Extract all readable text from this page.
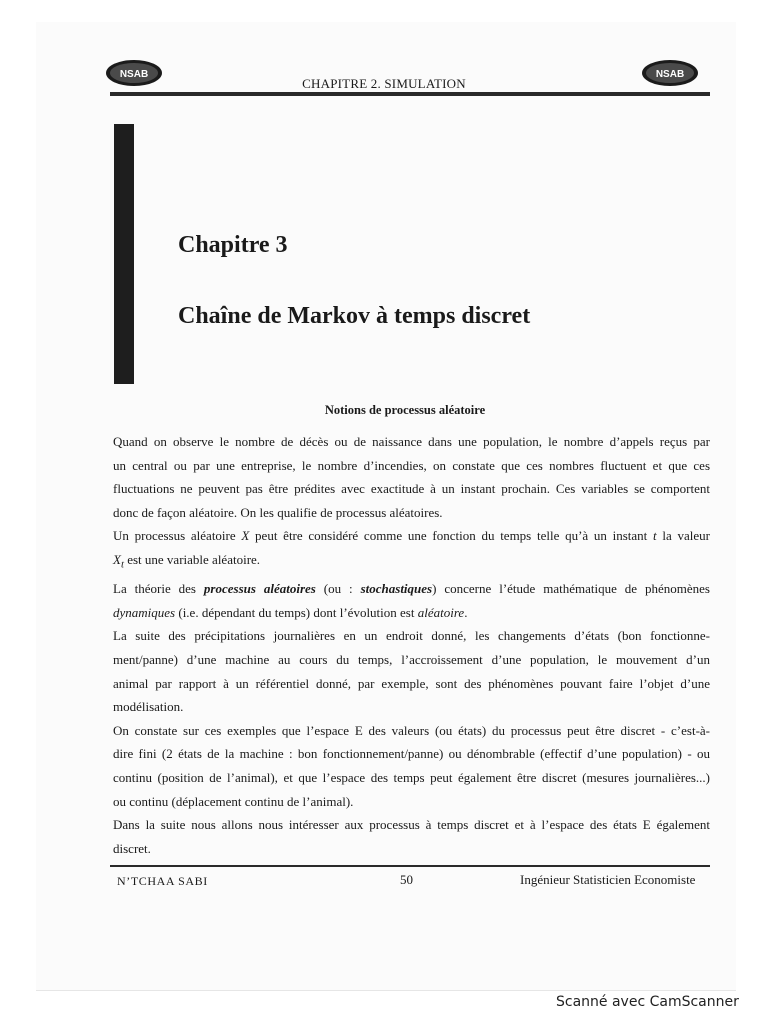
NSAB	NSAB
CHAPITRE 2. SIMULATION
Chapitre 3
Chaîne de Markov à temps discret
Notions de processus aléatoire
Quand on observe le nombre de décès ou de naissance dans une population, le nombre d’appels reçus par
un central ou par une entreprise, le nombre d’incendies, on constate que ces nombres fluctuent et que ces
fluctuations ne peuvent pas être prédites avec exactitude à un instant prochain. Ces variables se comportent
donc de façon aléatoire. On les qualifie de processus aléatoires.
Un processus aléatoire X peut être considéré comme une fonction du temps telle qu’à un instant t la valeur
$X_t$ est une variable aléatoire.
La théorie des processus aléatoires (ou : stochastiques) concerne l’étude mathématique de phénomènes
dynamiques (i.e. dépendant du temps) dont l’évolution est aléatoire.
La suite des précipitations journalières en un endroit donné, les changements d’états (bon fonctionne-
ment/panne) d’une machine au cours du temps, l’accroissement d’une population, le mouvement d’un
animal par rapport à un référentiel donné, par exemple, sont des phénomènes pouvant faire l’objet d’une
modélisation.
On constate sur ces exemples que l’espace E des valeurs (ou états) du processus peut être discret - c’est-à-
dire fini (2 états de la machine : bon fonctionnement/panne) ou dénombrable (effectif d’une population) - ou
continu (position de l’animal), et que l’espace des temps peut également être discret (mesures journalières...)
ou continu (déplacement continu de l’animal).
Dans la suite nous allons nous intéresser aux processus à temps discret et à l’espace des états E également
discret.
N’TCHAA SABI	50	Ingénieur Statisticien Economiste
Scanné avec CamScanner
